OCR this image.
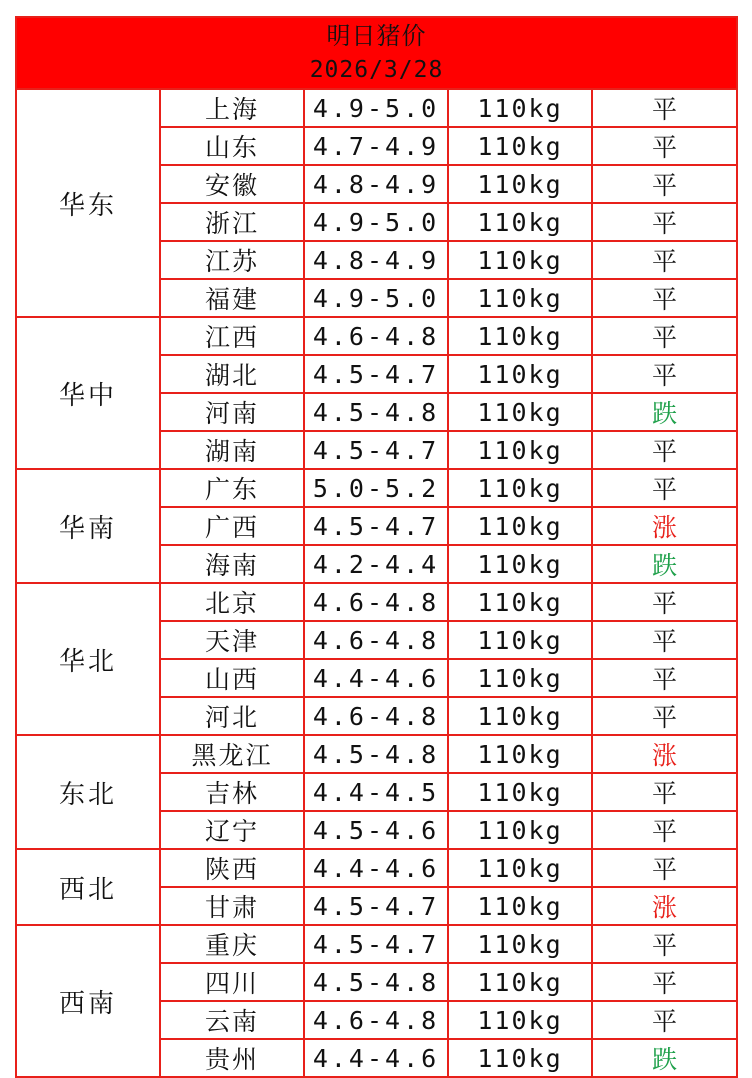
明日猪价
2026/3/28				

华东	上海	4.9-5.0	110kg	平
	山东	4.7-4.9	110kg	平
	安徽	4.8-4.9	110kg	平
	浙江	4.9-5.0	110kg	平
	江苏	4.8-4.9	110kg	平
	福建	4.9-5.0	110kg	平
华中	江西	4.6-4.8	110kg	平
	湖北	4.5-4.7	110kg	平
	河南	4.5-4.8	110kg	跌
	湖南	4.5-4.7	110kg	平
华南	广东	5.0-5.2	110kg	平
	广西	4.5-4.7	110kg	涨
	海南	4.2-4.4	110kg	跌
华北	北京	4.6-4.8	110kg	平
	天津	4.6-4.8	110kg	平
	山西	4.4-4.6	110kg	平
	河北	4.6-4.8	110kg	平
东北	黑龙江	4.5-4.8	110kg	涨
	吉林	4.4-4.5	110kg	平
	辽宁	4.5-4.6	110kg	平
西北	陕西	4.4-4.6	110kg	平
	甘肃	4.5-4.7	110kg	涨
西南	重庆	4.5-4.7	110kg	平
	四川	4.5-4.8	110kg	平
	云南	4.6-4.8	110kg	平
	贵州	4.4-4.6	110kg	跌
